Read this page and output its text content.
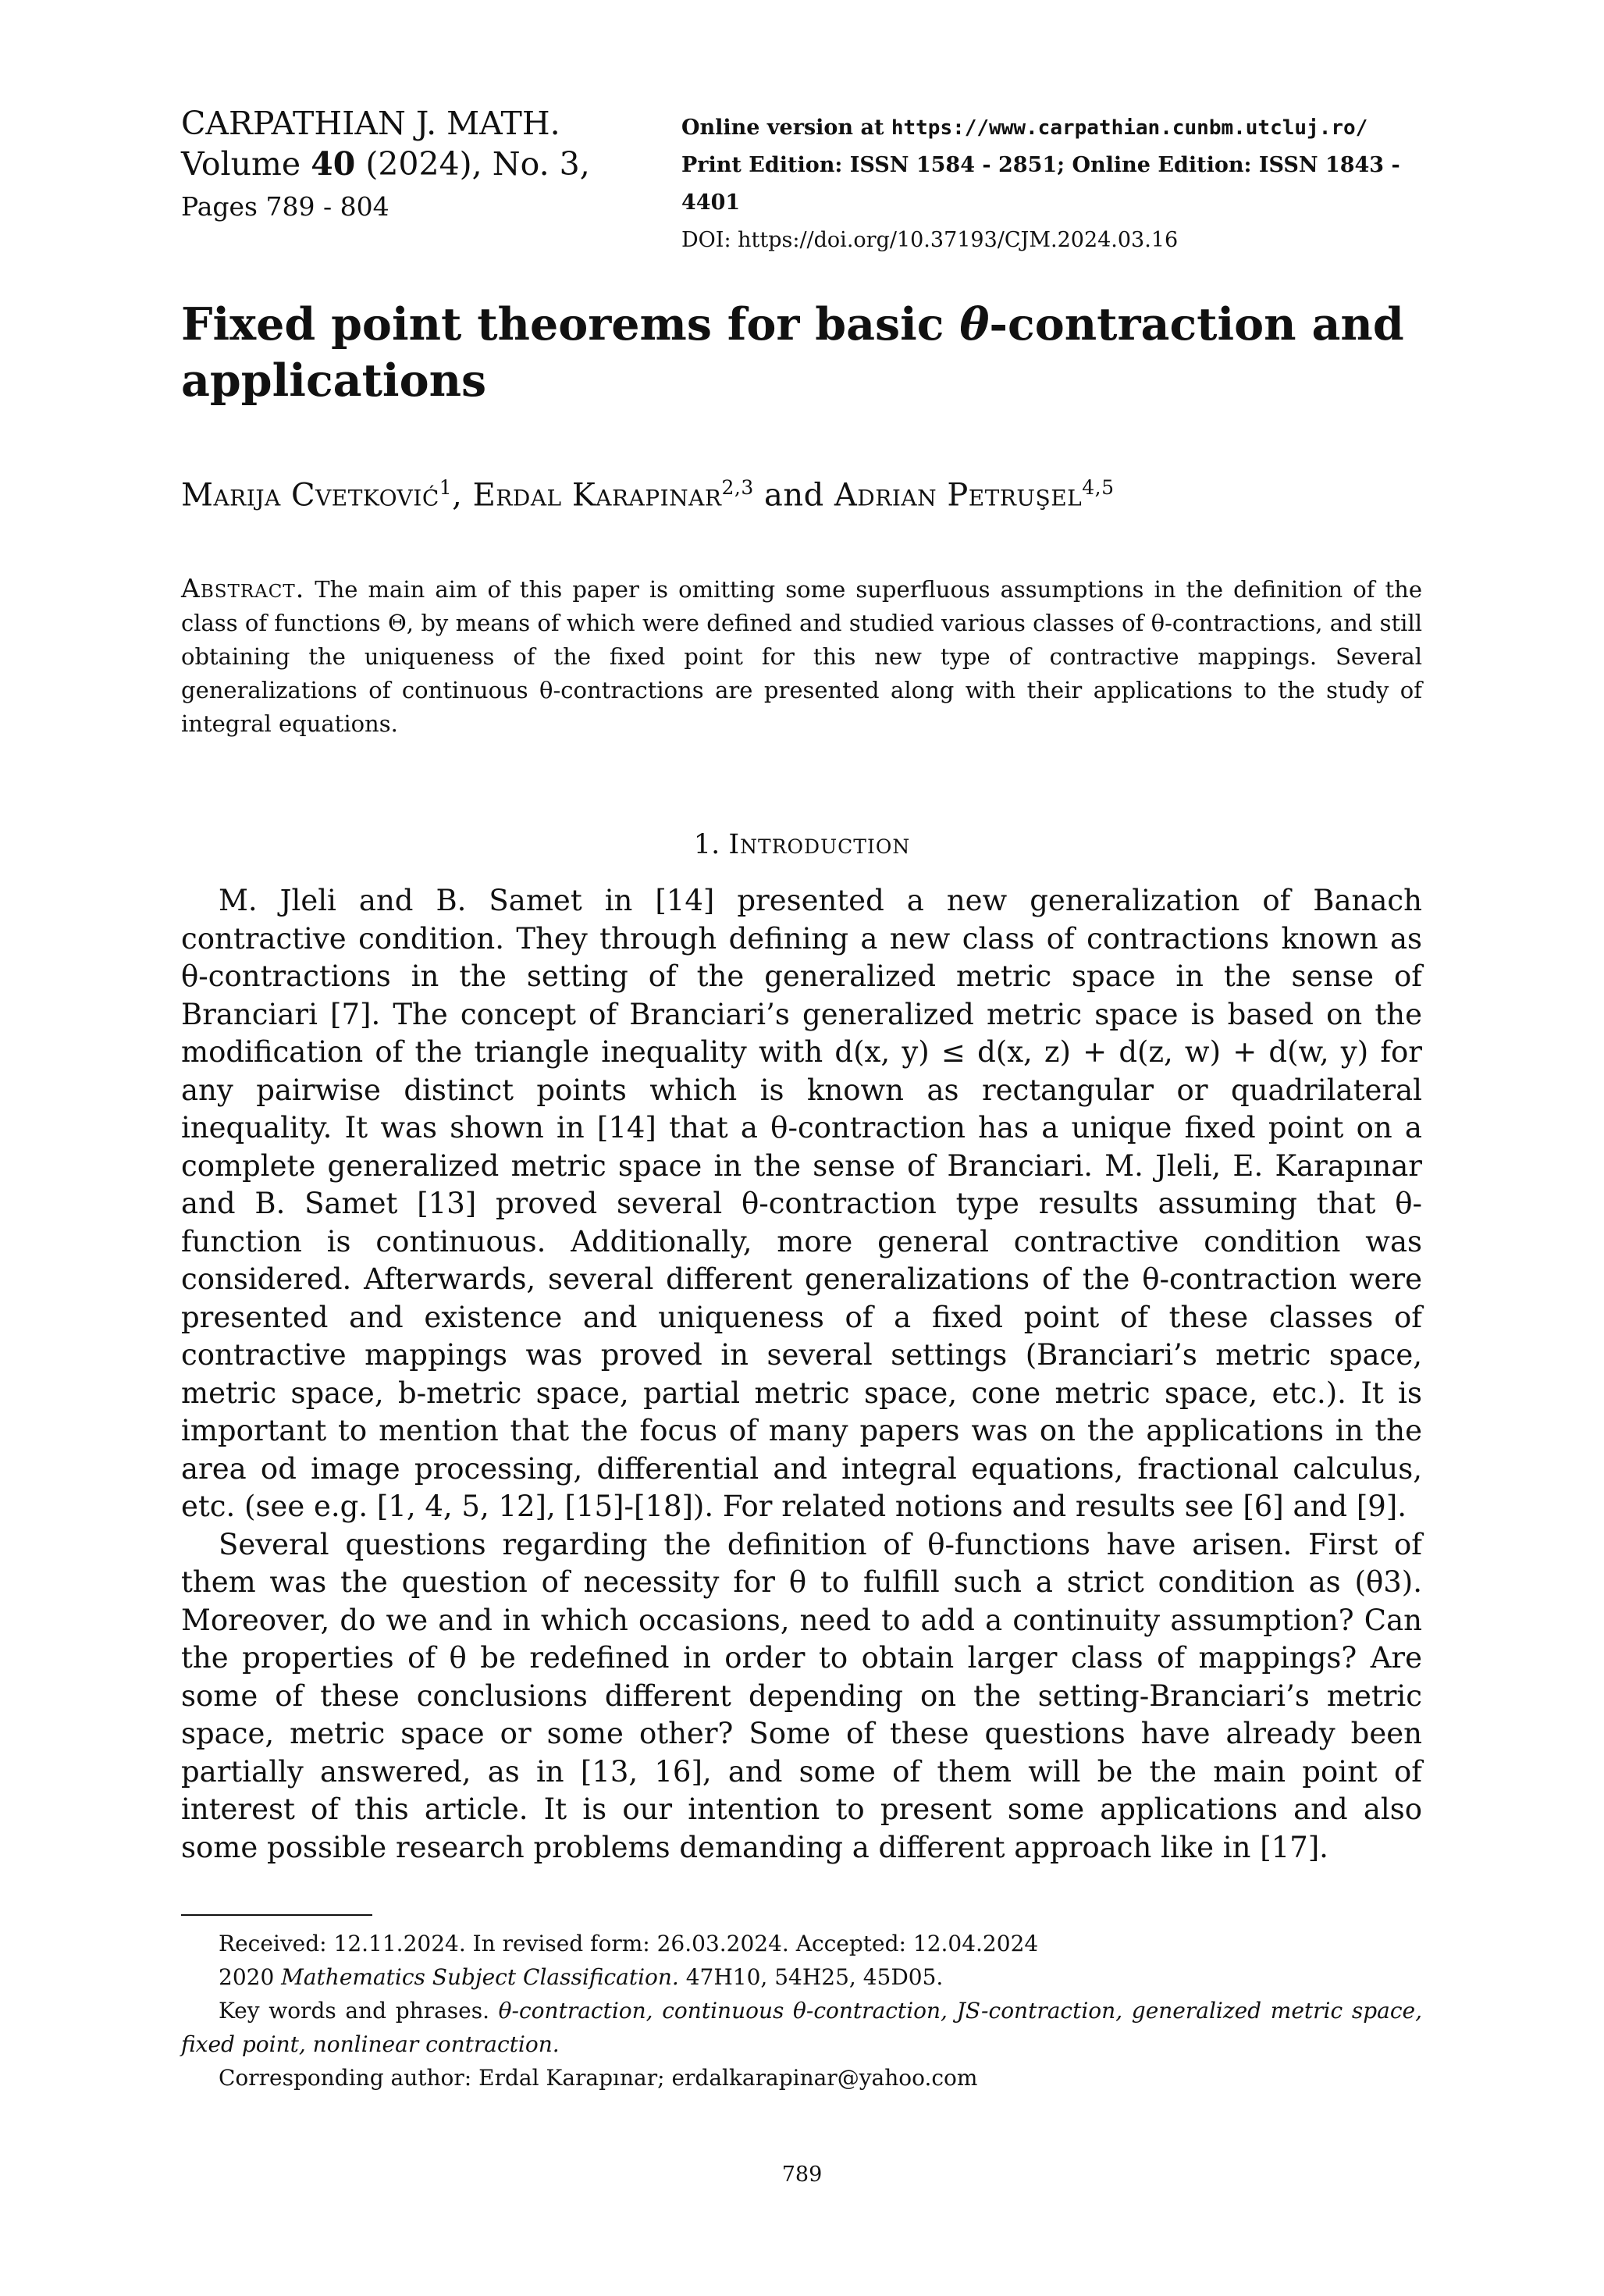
CARPATHIAN J. MATH.
Volume 40 (2024), No. 3,
Pages 789 - 804
Online version at https://www.carpathian.cunbm.utcluj.ro/
Print Edition: ISSN 1584 - 2851; Online Edition: ISSN 1843 - 4401
DOI: https://doi.org/10.37193/CJM.2024.03.16
Fixed point theorems for basic θ-contraction and applications
Marija Cvetković$^1$, Erdal Karapinar$^{2,3}$ and Adrian Petruşel$^{4,5}$
Abstract. The main aim of this paper is omitting some superfluous assumptions in the definition of the class of functions Θ, by means of which were defined and studied various classes of θ-contractions, and still obtaining the uniqueness of the fixed point for this new type of contractive mappings. Several generalizations of continuous θ-contractions are presented along with their applications to the study of integral equations.
1. Introduction

M. Jleli and B. Samet in [14] presented a new generalization of Banach contractive condition. They through defining a new class of contractions known as θ-contractions in the setting of the generalized metric space in the sense of Branciari [7]. The concept of Branciari’s generalized metric space is based on the modification of the triangle inequality with d(x, y) ≤ d(x, z) + d(z, w) + d(w, y) for any pairwise distinct points which is known as rectangular or quadrilateral inequality. It was shown in [14] that a θ-contraction has a unique fixed point on a complete generalized metric space in the sense of Branciari. M. Jleli, E. Karapınar and B. Samet [13] proved several θ-contraction type results assuming that θ-function is continuous. Additionally, more general contractive condition was considered. Afterwards, several different generalizations of the θ-contraction were presented and existence and uniqueness of a fixed point of these classes of contractive mappings was proved in several settings (Branciari’s metric space, metric space, b-metric space, partial metric space, cone metric space, etc.). It is important to mention that the focus of many papers was on the applications in the area od image processing, differential and integral equations, fractional calculus, etc. (see e.g. [1, 4, 5, 12], [15]-[18]). For related notions and results see [6] and [9].

Several questions regarding the definition of θ-functions have arisen. First of them was the question of necessity for θ to fulfill such a strict condition as (θ3). Moreover, do we and in which occasions, need to add a continuity assumption? Can the properties of θ be redefined in order to obtain larger class of mappings? Are some of these conclusions different depending on the setting-Branciari’s metric space, metric space or some other? Some of these questions have already been partially answered, as in [13, 16], and some of them will be the main point of interest of this article. It is our intention to present some applications and also some possible research problems demanding a different approach like in [17].

Received: 12.11.2024. In revised form: 26.03.2024. Accepted: 12.04.2024

2020 Mathematics Subject Classification. 47H10, 54H25, 45D05.

Key words and phrases. θ-contraction, continuous θ-contraction, JS-contraction, generalized metric space, fixed point, nonlinear contraction.

Corresponding author: Erdal Karapınar; erdalkarapinar@yahoo.com

789
